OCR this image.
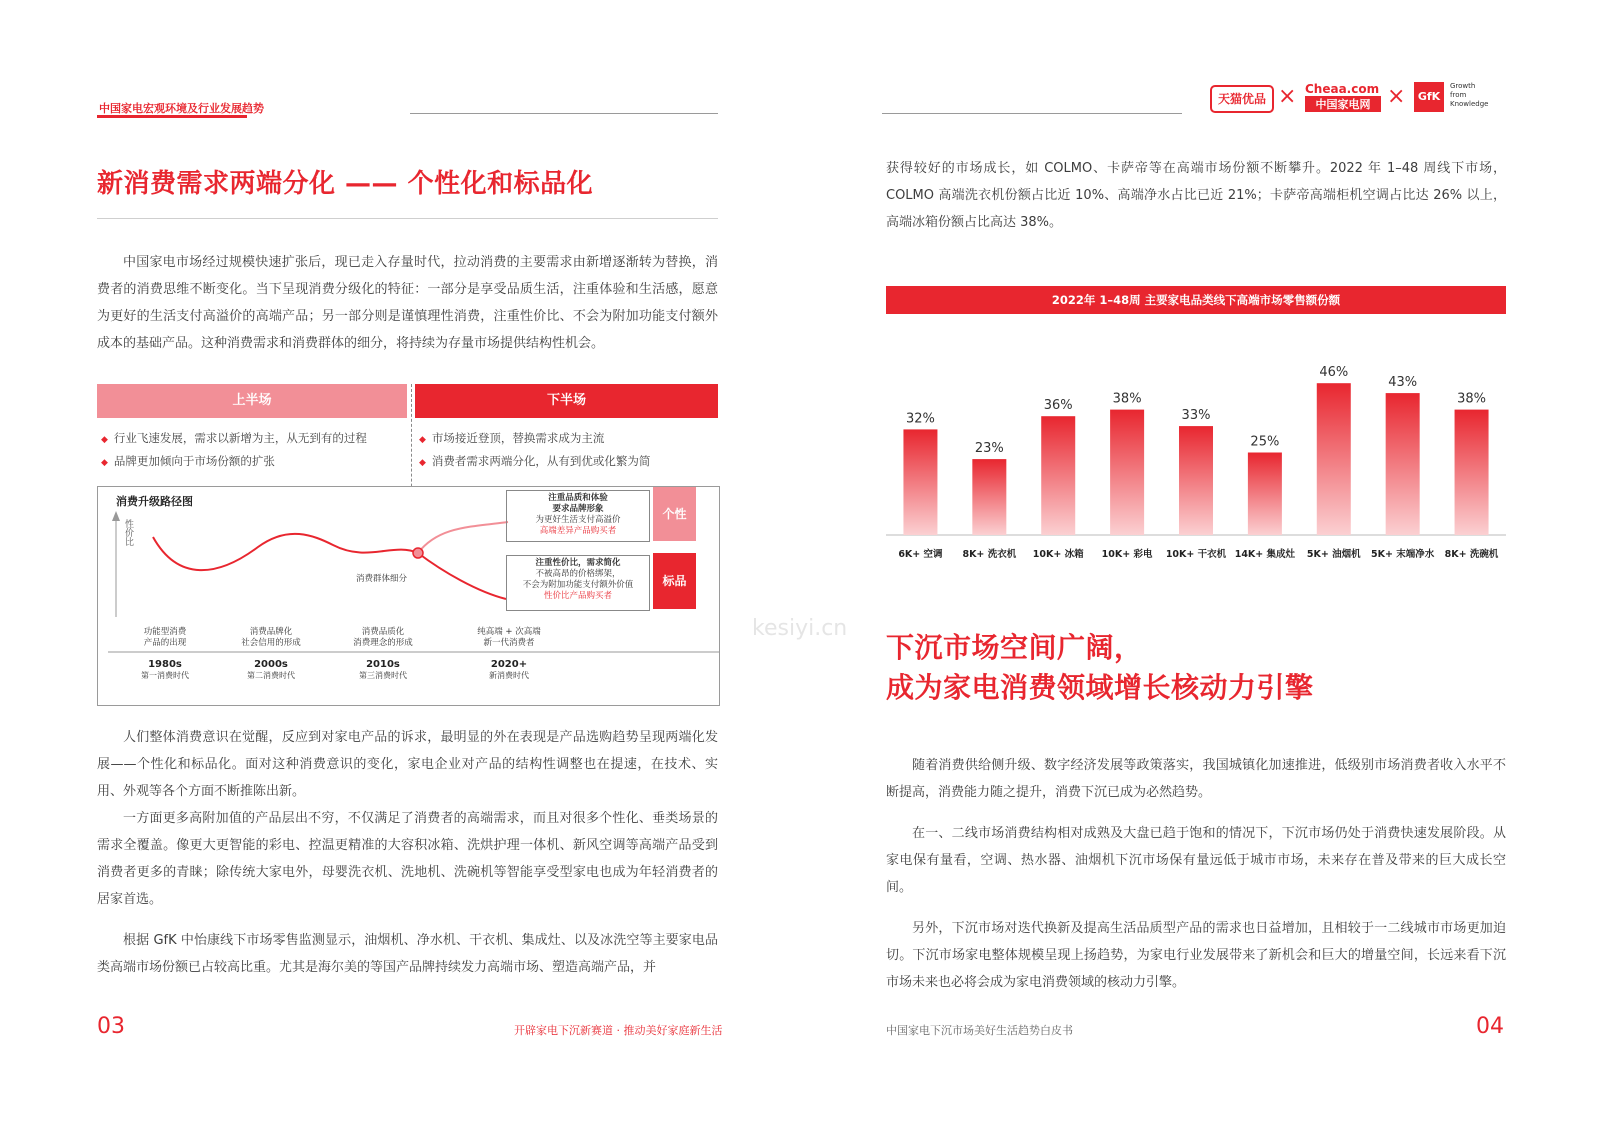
中国家电宏观环境及行业发展趋势
新消费需求两端分化 —— 个性化和标品化

中国家电市场经过规模快速扩张后，现已走入存量时代，拉动消费的主要需求由新增逐渐转为替换，消费者的消费思维不断变化。当下呈现消费分级化的特征：一部分是享受品质生活，注重体验和生活感，愿意为更好的生活支付高溢价的高端产品；另一部分则是谨慎理性消费，注重性价比、不会为附加功能支付额外成本的基础产品。这种消费需求和消费群体的细分，将持续为存量市场提供结构性机会。

上半场	下半场
◆ 行业飞速发展，需求以新增为主，从无到有的过程
◆ 品牌更加倾向于市场份额的扩张
◆ 市场接近登顶，替换需求成为主流
◆ 消费者需求两端分化，从有到优或化繁为简
消费升级路径图
性价比
消费群体细分
注重品质和体验
要求品牌形象
为更好生活支付高溢价
高端差异产品购买者
个性
注重性价比，需求简化
不被高昂的价格绑架，
不会为附加功能支付额外价值
性价比产品购买者
标品
功能型消费
产品的出现
消费品牌化
社会信用的形成
消费品质化
消费理念的形成
纯高端 + 次高端
新一代消费者
1980s
第一消费时代
2000s
第二消费时代
2010s
第三消费时代
2020+
新消费时代

人们整体消费意识在觉醒，反应到对家电产品的诉求，最明显的外在表现是产品选购趋势呈现两端化发展——个性化和标品化。面对这种消费意识的变化，家电企业对产品的结构性调整也在提速，在技术、实用、外观等各个方面不断推陈出新。

一方面更多高附加值的产品层出不穷，不仅满足了消费者的高端需求，而且对很多个性化、垂类场景的需求全覆盖。像更大更智能的彩电、控温更精准的大容积冰箱、洗烘护理一体机、新风空调等高端产品受到消费者更多的青睐；除传统大家电外，母婴洗衣机、洗地机、洗碗机等智能享受型家电也成为年轻消费者的居家首选。

根据 GfK 中怡康线下市场零售监测显示，油烟机、净水机、干衣机、集成灶、以及冰洗空等主要家电品类高端市场份额已占较高比重。尤其是海尔美的等国产品牌持续发力高端市场、塑造高端产品，并

03	开辟家电下沉新赛道 · 推动美好家庭新生活
天猫优品 × Cheaa.com
中国家电网 ×	GfK
Growth
from
Knowledge

获得较好的市场成长，如 COLMO、卡萨帝等在高端市场份额不断攀升。2022 年 1–48 周线下市场，COLMO 高端洗衣机份额占比近 10%、高端净水占比已近 21%；卡萨帝高端柜机空调占比达 26% 以上，高端冰箱份额占比高达 38%。

2022年 1–48周 主要家电品类线下高端市场零售额份额
32%
6K+ 空调
23%
8K+ 洗衣机
36%
10K+ 冰箱
38%
10K+ 彩电
33%
10K+ 干衣机
25%
14K+ 集成灶
46%
5K+ 油烟机
43%
5K+ 末端净水
38%
8K+ 洗碗机
下沉市场空间广阔，
成为家电消费领域增长核动力引擎

随着消费供给侧升级、数字经济发展等政策落实，我国城镇化加速推进，低级别市场消费者收入水平不断提高，消费能力随之提升，消费下沉已成为必然趋势。

在一、二线市场消费结构相对成熟及大盘已趋于饱和的情况下，下沉市场仍处于消费快速发展阶段。从家电保有量看，空调、热水器、油烟机下沉市场保有量远低于城市市场，未来存在普及带来的巨大成长空间。

另外，下沉市场对迭代换新及提高生活品质型产品的需求也日益增加，且相较于一二线城市市场更加迫切。下沉市场家电整体规模呈现上扬趋势，为家电行业发展带来了新机会和巨大的增量空间，长远来看下沉市场未来也必将会成为家电消费领域的核动力引擎。

kesiyi.cn
中国家电下沉市场美好生活趋势白皮书	04
